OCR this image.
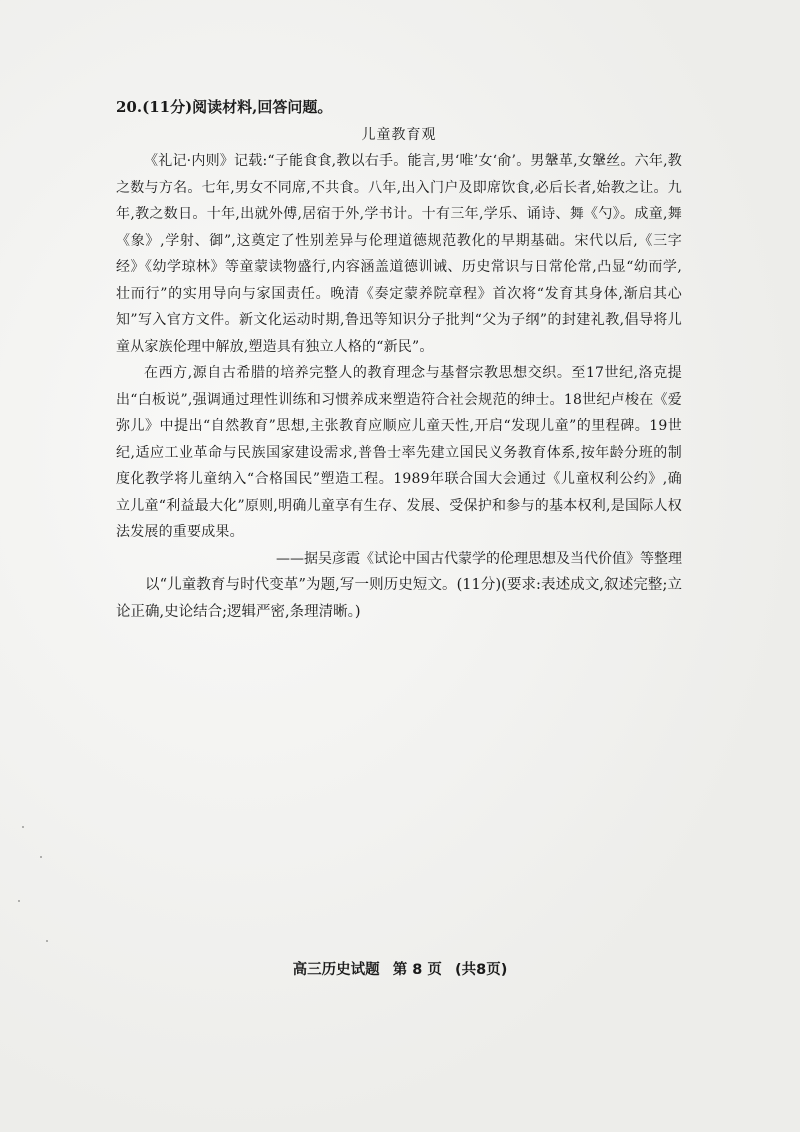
20.(11分)阅读材料,回答问题。

儿童教育观

《礼记·内则》记载:“子能食食,教以右手。能言,男‘唯’女‘俞’。男鞶革,女鞶丝。六年,教之数与方名。七年,男女不同席,不共食。八年,出入门户及即席饮食,必后长者,始教之让。九年,教之数日。十年,出就外傅,居宿于外,学书计。十有三年,学乐、诵诗、舞《勺》。成童,舞《象》,学射、御”,这奠定了性别差异与伦理道德规范教化的早期基础。宋代以后,《三字经》《幼学琼林》等童蒙读物盛行,内容涵盖道德训诫、历史常识与日常伦常,凸显“幼而学,壮而行”的实用导向与家国责任。晚清《奏定蒙养院章程》首次将“发育其身体,渐启其心知”写入官方文件。新文化运动时期,鲁迅等知识分子批判“父为子纲”的封建礼教,倡导将儿童从家族伦理中解放,塑造具有独立人格的“新民”。

在西方,源自古希腊的培养完整人的教育理念与基督宗教思想交织。至17世纪,洛克提出“白板说”,强调通过理性训练和习惯养成来塑造符合社会规范的绅士。18世纪卢梭在《爱弥儿》中提出“自然教育”思想,主张教育应顺应儿童天性,开启“发现儿童”的里程碑。19世纪,适应工业革命与民族国家建设需求,普鲁士率先建立国民义务教育体系,按年龄分班的制度化教学将儿童纳入“合格国民”塑造工程。1989年联合国大会通过《儿童权利公约》,确立儿童“利益最大化”原则,明确儿童享有生存、发展、受保护和参与的基本权利,是国际人权法发展的重要成果。

——据吴彦霞《试论中国古代蒙学的伦理思想及当代价值》等整理

以“儿童教育与时代变革”为题,写一则历史短文。(11分)(要求:表述成文,叙述完整;立论正确,史论结合;逻辑严密,条理清晰。)

高三历史试题 第 8 页 (共8页)
